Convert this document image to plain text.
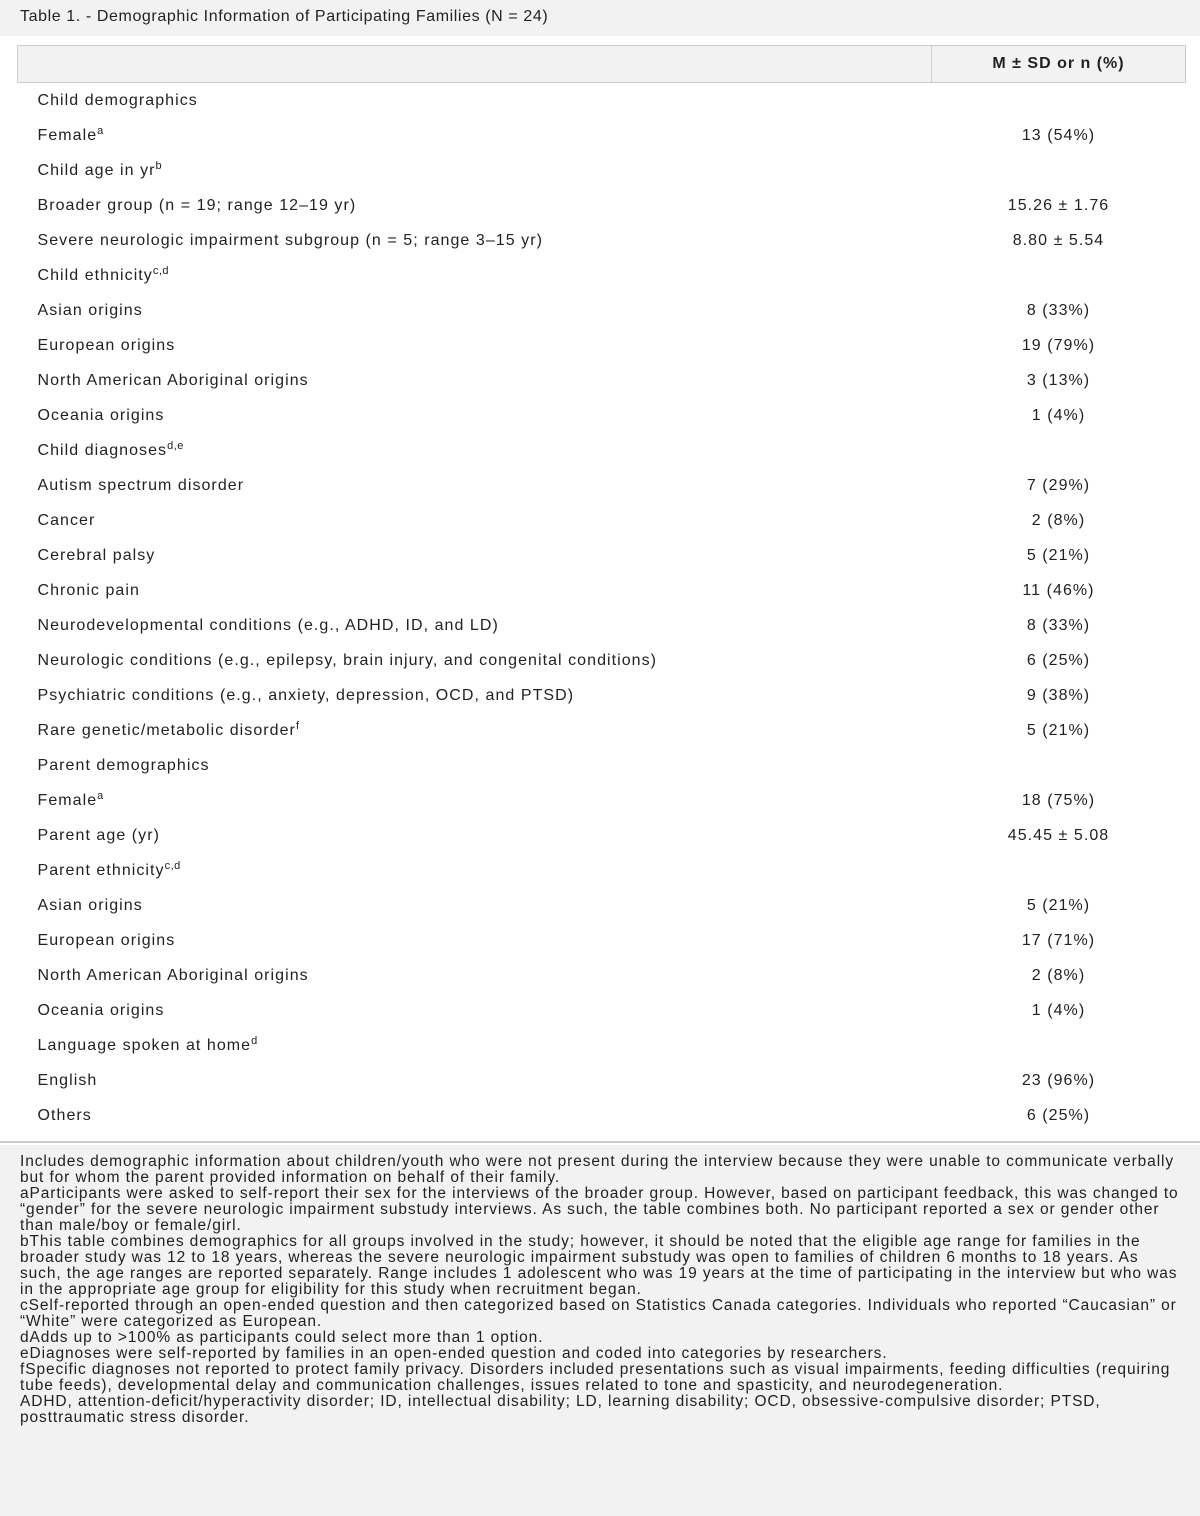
Table 1. - Demographic Information of Participating Families (N = 24)
	M ± SD or n (%)
Child demographics	
Female$^a$	13 (54%)
Child age in $yr^b$	
Broader group (n = 19; range 12–19 yr)	15.26 ± 1.76
Severe neurologic impairment subgroup (n = 5; range 3–15 yr)	8.80 ± 5.54
Child ethnicity$^{c,d}$	
Asian origins	8 (33%)
European origins	19 (79%)
North American Aboriginal origins	3 (13%)
Oceania origins	1 (4%)
Child diagnoses$^{d,e}$	
Autism spectrum disorder	7 (29%)
Cancer	2 (8%)
Cerebral palsy	5 (21%)
Chronic pain	11 (46%)
Neurodevelopmental conditions (e.g., ADHD, ID, and LD)	8 (33%)
Neurologic conditions (e.g., epilepsy, brain injury, and congenital conditions)	6 (25%)
Psychiatric conditions (e.g., anxiety, depression, OCD, and PTSD)	9 (38%)
Rare genetic/metabolic disorder$^f$	5 (21%)
Parent demographics	
Female$^a$	18 (75%)
Parent age (yr)	45.45 ± 5.08
Parent ethnicity$^{c,d}$	
Asian origins	5 (21%)
European origins	17 (71%)
North American Aboriginal origins	2 (8%)
Oceania origins	1 (4%)
Language spoken at home$^d$	
English	23 (96%)
Others	6 (25%)

Includes demographic information about children/youth who were not present during the interview because they were unable to communicate verbally but for whom the parent provided information on behalf of their family.

aParticipants were asked to self-report their sex for the interviews of the broader group. However, based on participant feedback, this was changed to “gender” for the severe neurologic impairment substudy interviews. As such, the table combines both. No participant reported a sex or gender other than male/boy or female/girl.

bThis table combines demographics for all groups involved in the study; however, it should be noted that the eligible age range for families in the broader study was 12 to 18 years, whereas the severe neurologic impairment substudy was open to families of children 6 months to 18 years. As such, the age ranges are reported separately. Range includes 1 adolescent who was 19 years at the time of participating in the interview but who was in the appropriate age group for eligibility for this study when recruitment began.

cSelf-reported through an open-ended question and then categorized based on Statistics Canada categories. Individuals who reported “Caucasian” or “White” were categorized as European.

dAdds up to >100% as participants could select more than 1 option.

eDiagnoses were self-reported by families in an open-ended question and coded into categories by researchers.

fSpecific diagnoses not reported to protect family privacy. Disorders included presentations such as visual impairments, feeding difficulties (requiring tube feeds), developmental delay and communication challenges, issues related to tone and spasticity, and neurodegeneration.

ADHD, attention-deficit/hyperactivity disorder; ID, intellectual disability; LD, learning disability; OCD, obsessive-compulsive disorder; PTSD, posttraumatic stress disorder.
